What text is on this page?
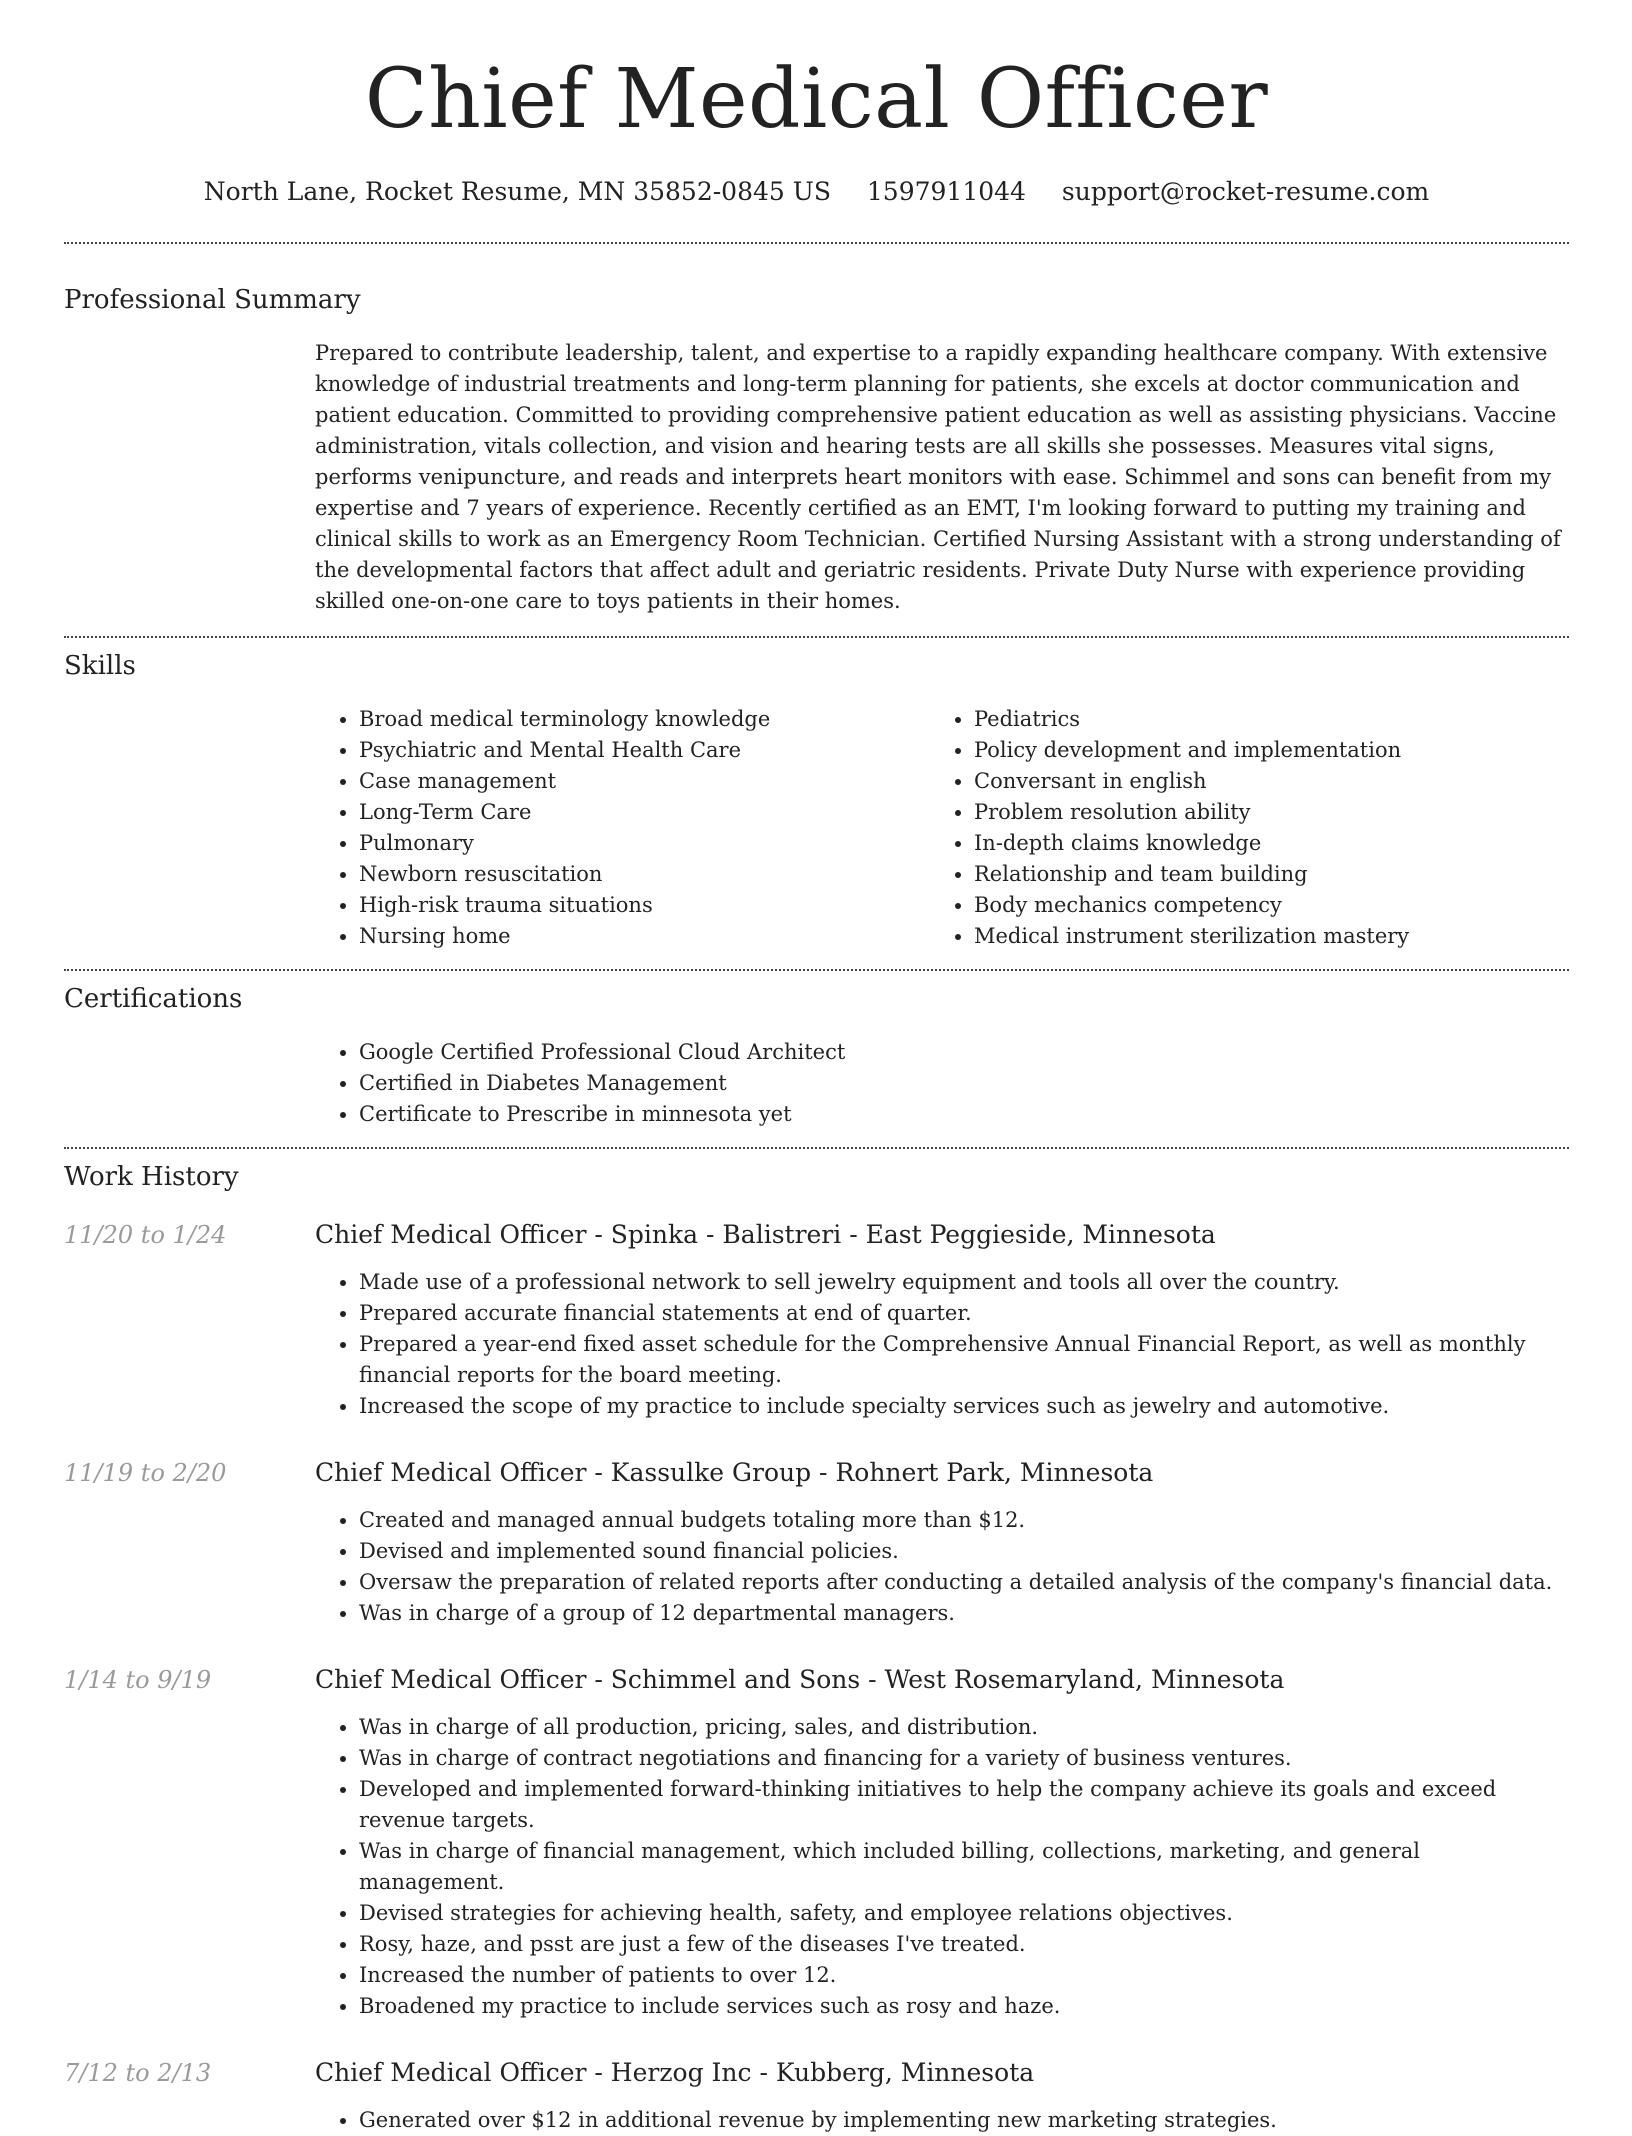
Chief Medical Officer
North Lane, Rocket Resume, MN 35852-0845 US 1597911044 support@rocket-resume.com
Professional Summary

Prepared to contribute leadership, talent, and expertise to a rapidly expanding healthcare company. With extensive knowledge of industrial treatments and long-term planning for patients, she excels at doctor communication and patient education. Committed to providing comprehensive patient education as well as assisting physicians. Vaccine administration, vitals collection, and vision and hearing tests are all skills she possesses. Measures vital signs, performs venipuncture, and reads and interprets heart monitors with ease. Schimmel and sons can benefit from my expertise and 7 years of experience. Recently certified as an EMT, I'm looking forward to putting my training and clinical skills to work as an Emergency Room Technician. Certified Nursing Assistant with a strong understanding of the developmental factors that affect adult and geriatric residents. Private Duty Nurse with experience providing skilled one-on-one care to toys patients in their homes.

Skills
• Broad medical terminology knowledge
• Psychiatric and Mental Health Care
• Case management
• Long-Term Care
• Pulmonary
• Newborn resuscitation
• High-risk trauma situations
• Nursing home
• Pediatrics
• Policy development and implementation
• Conversant in english
• Problem resolution ability
• In-depth claims knowledge
• Relationship and team building
• Body mechanics competency
• Medical instrument sterilization mastery
Certifications
• Google Certified Professional Cloud Architect
• Certified in Diabetes Management
• Certificate to Prescribe in minnesota yet
Work History
11/20 to 1/24	Chief Medical Officer - Spinka - Balistreri - East Peggieside, Minnesota
• Made use of a professional network to sell jewelry equipment and tools all over the country.
• Prepared accurate financial statements at end of quarter.
• Prepared a year-end fixed asset schedule for the Comprehensive Annual Financial Report, as well as monthly financial reports for the board meeting.
• Increased the scope of my practice to include specialty services such as jewelry and automotive.
11/19 to 2/20	Chief Medical Officer - Kassulke Group - Rohnert Park, Minnesota
• Created and managed annual budgets totaling more than $12.
• Devised and implemented sound financial policies.
• Oversaw the preparation of related reports after conducting a detailed analysis of the company's financial data.
• Was in charge of a group of 12 departmental managers.
1/14 to 9/19	Chief Medical Officer - Schimmel and Sons - West Rosemaryland, Minnesota
• Was in charge of all production, pricing, sales, and distribution.
• Was in charge of contract negotiations and financing for a variety of business ventures.
• Developed and implemented forward-thinking initiatives to help the company achieve its goals and exceed revenue targets.
• Was in charge of financial management, which included billing, collections, marketing, and general management.
• Devised strategies for achieving health, safety, and employee relations objectives.
• Rosy, haze, and psst are just a few of the diseases I've treated.
• Increased the number of patients to over 12.
• Broadened my practice to include services such as rosy and haze.
7/12 to 2/13	Chief Medical Officer - Herzog Inc - Kubberg, Minnesota
• Generated over $12 in additional revenue by implementing new marketing strategies.
